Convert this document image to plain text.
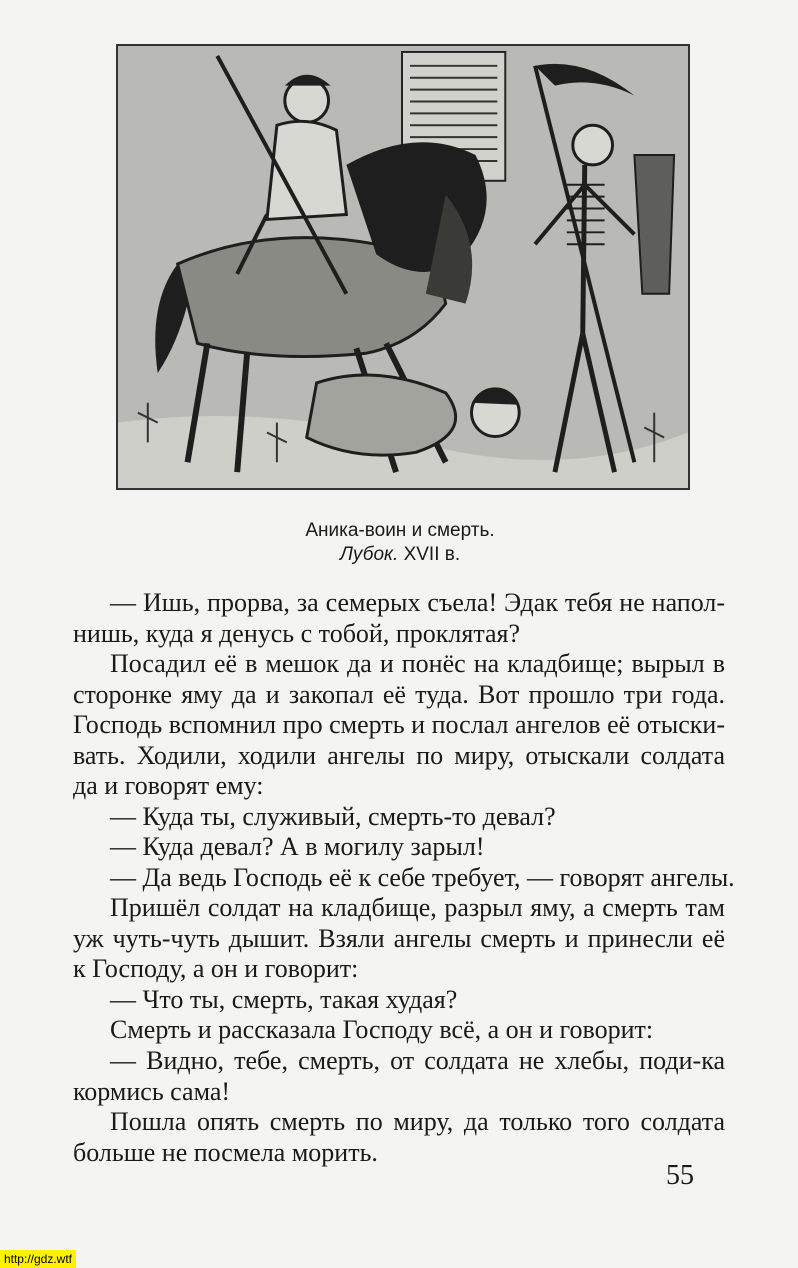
Аника-воин и смерть.
Лубок. XVII в.
— Ишь, прорва, за семерых съела! Эдак тебя не напол-
нишь, куда я денусь с тобой, проклятая?
Посадил её в мешок да и понёс на кладбище; вырыл в
сторонке яму да и закопал её туда. Вот прошло три года.
Господь вспомнил про смерть и послал ангелов её отыски-
вать. Ходили, ходили ангелы по миру, отыскали солдата
да и говорят ему:
— Куда ты, служивый, смерть-то девал?
— Куда девал? А в могилу зарыл!
— Да ведь Господь её к себе требует, — говорят ангелы.
Пришёл солдат на кладбище, разрыл яму, а смерть там
уж чуть-чуть дышит. Взяли ангелы смерть и принесли её
к Господу, а он и говорит:
— Что ты, смерть, такая худая?
Смерть и рассказала Господу всё, а он и говорит:
— Видно, тебе, смерть, от солдата не хлебы, поди-ка
кормись сама!
Пошла опять смерть по миру, да только того солдата
больше не посмела морить.
55
http://gdz.wtf
